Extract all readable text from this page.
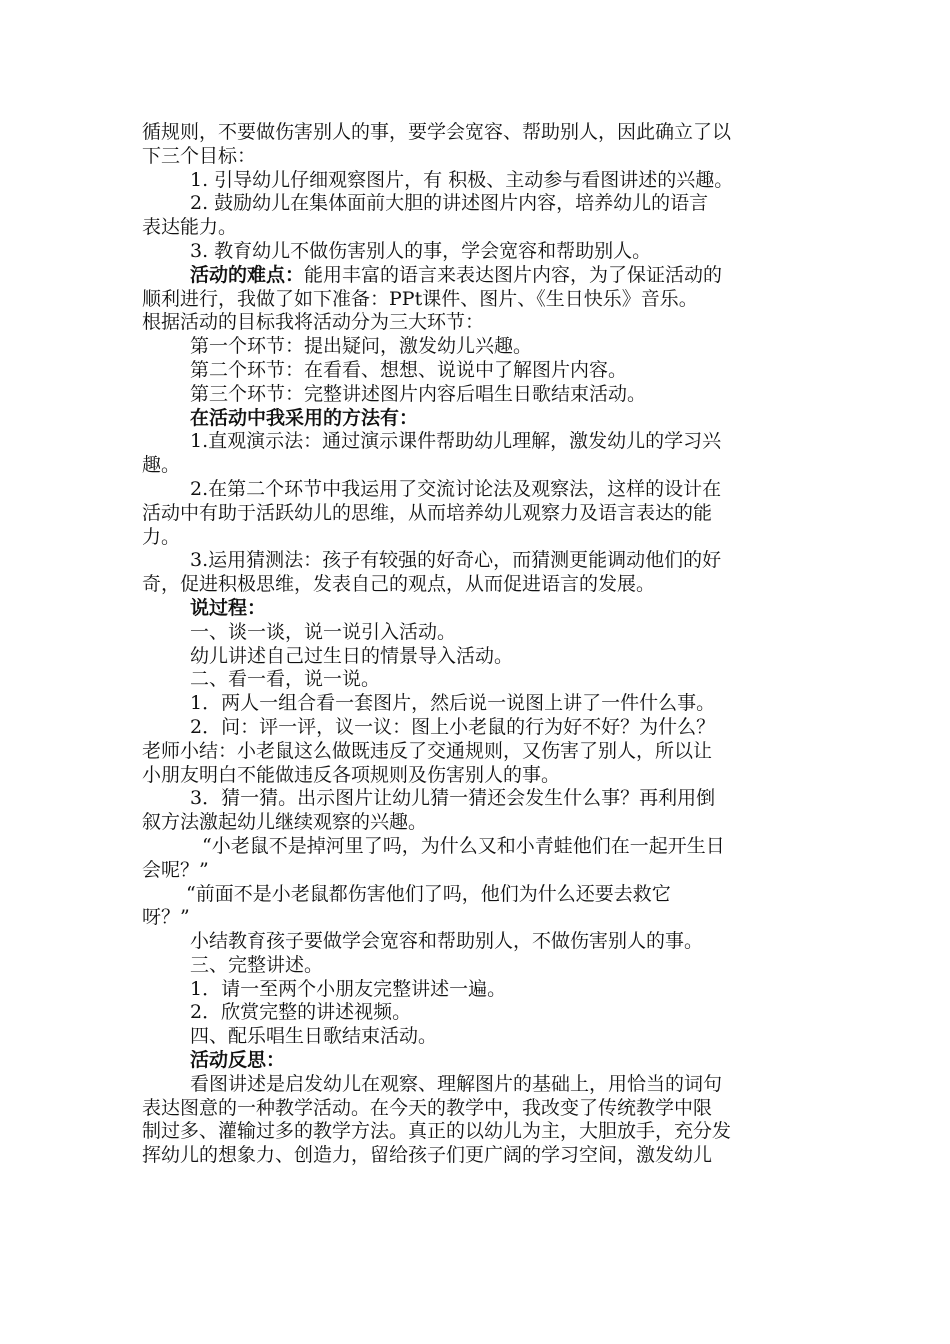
循规则，不要做伤害别人的事，要学会宽容、帮助别人，因此确立了以
下三个目标：
1. 引导幼儿仔细观察图片，有 积极、主动参与看图讲述的兴趣。
2. 鼓励幼儿在集体面前大胆的讲述图片内容，培养幼儿的语言
表达能力。
3. 教育幼儿不做伤害别人的事，学会宽容和帮助别人。
活动的难点：能用丰富的语言来表达图片内容，为了保证活动的
顺利进行，我做了如下准备：PPt课件、图片、《生日快乐》音乐。
根据活动的目标我将活动分为三大环节：
第一个环节：提出疑问，激发幼儿兴趣。
第二个环节：在看看、想想、说说中了解图片内容。
第三个环节：完整讲述图片内容后唱生日歌结束活动。
在活动中我采用的方法有：
1.直观演示法：通过演示课件帮助幼儿理解，激发幼儿的学习兴
趣。
2.在第二个环节中我运用了交流讨论法及观察法，这样的设计在
活动中有助于活跃幼儿的思维，从而培养幼儿观察力及语言表达的能
力。
3.运用猜测法：孩子有较强的好奇心，而猜测更能调动他们的好
奇，促进积极思维，发表自己的观点，从而促进语言的发展。
说过程：
一、谈一谈，说一说引入活动。
幼儿讲述自己过生日的情景导入活动。
二、看一看，说一说。
1．两人一组合看一套图片，然后说一说图上讲了一件什么事。
2．问：评一评，议一议：图上小老鼠的行为好不好？为什么？
老师小结：小老鼠这么做既违反了交通规则，又伤害了别人，所以让
小朋友明白不能做违反各项规则及伤害别人的事。
3．猜一猜。出示图片让幼儿猜一猜还会发生什么事？再利用倒
叙方法激起幼儿继续观察的兴趣。
“小老鼠不是掉河里了吗，为什么又和小青蛙他们在一起开生日
会呢？”
“前面不是小老鼠都伤害他们了吗，他们为什么还要去救它
呀？”
小结教育孩子要做学会宽容和帮助别人，不做伤害别人的事。
三、完整讲述。
1．请一至两个小朋友完整讲述一遍。
2．欣赏完整的讲述视频。
四、配乐唱生日歌结束活动。
活动反思：
看图讲述是启发幼儿在观察、理解图片的基础上，用恰当的词句
表达图意的一种教学活动。在今天的教学中，我改变了传统教学中限
制过多、灌输过多的教学方法。真正的以幼儿为主，大胆放手，充分发
挥幼儿的想象力、创造力，留给孩子们更广阔的学习空间，激发幼儿
